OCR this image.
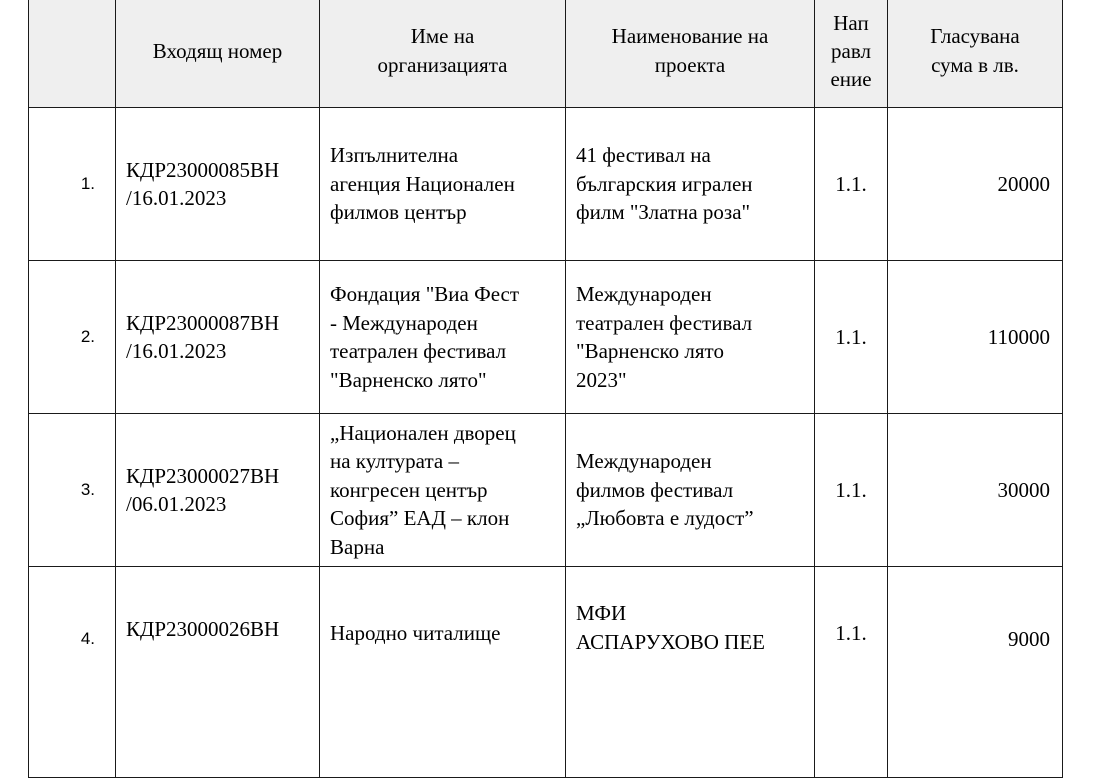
	Входящ номер	Име на
организацията	Наименование на
проекта	Нап
равл
ение	Гласувана
сума в лв.
1.	КДР23000085ВН
/16.01.2023	Изпълнителна
агенция Национален
филмов център	41 фестивал на
българския игрален
филм "Златна роза"	1.1.	20000
2.	КДР23000087ВН
/16.01.2023	Фондация "Виа Фест
- Международен
театрален фестивал
"Варненско лято"	Международен
театрален фестивал
"Варненско лято
2023"	1.1.	110000
3.	КДР23000027ВН
/06.01.2023	„Национален дворец
на културата –
конгресен център
София” ЕАД – клон
Варна	Международен
филмов фестивал
„Любовта е лудост”	1.1.	30000
4.	КДР23000026ВН	Народно читалище	МФИ
АСПАРУХОВО ПЕЕ	1.1.	9000
